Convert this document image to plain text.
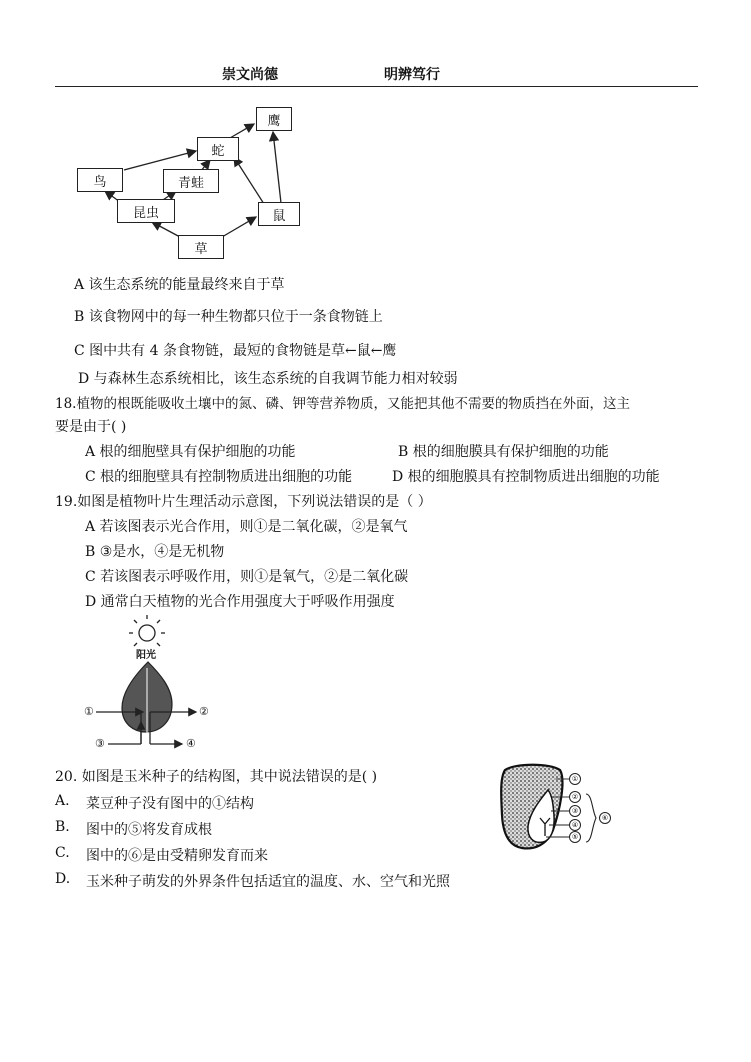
崇文尚德	明辨笃行
鹰
蛇
鸟	青蛙
昆虫	鼠
草
A 该生态系统的能量最终来自于草
B 该食物网中的每一种生物都只位于一条食物链上
C 图中共有 4 条食物链，最短的食物链是草←鼠←鹰
D 与森林生态系统相比，该生态系统的自我调节能力相对较弱
18.植物的根既能吸收土壤中的氮、磷、钾等营养物质，又能把其他不需要的物质挡在外面，这主
要是由于( )
A 根的细胞壁具有保护细胞的功能	B 根的细胞膜具有保护细胞的功能
C 根的细胞壁具有控制物质进出细胞的功能	D 根的细胞膜具有控制物质进出细胞的功能
19.如图是植物叶片生理活动示意图，下列说法错误的是（ ）
A 若该图表示光合作用，则①是二氧化碳，②是氧气
B ③是水，④是无机物
C 若该图表示呼吸作用，则①是氧气，②是二氧化碳
D 通常白天植物的光合作用强度大于呼吸作用强度
阳光
①	②
③	④
20. 如图是玉米种子的结构图，其中说法错误的是( )
A. 菜豆种子没有图中的①结构
B. 图中的⑤将发育成根
C. 图中的⑥是由受精卵发育而来
D. 玉米种子萌发的外界条件包括适宜的温度、水、空气和光照
①
②
③
④
⑤
⑥
